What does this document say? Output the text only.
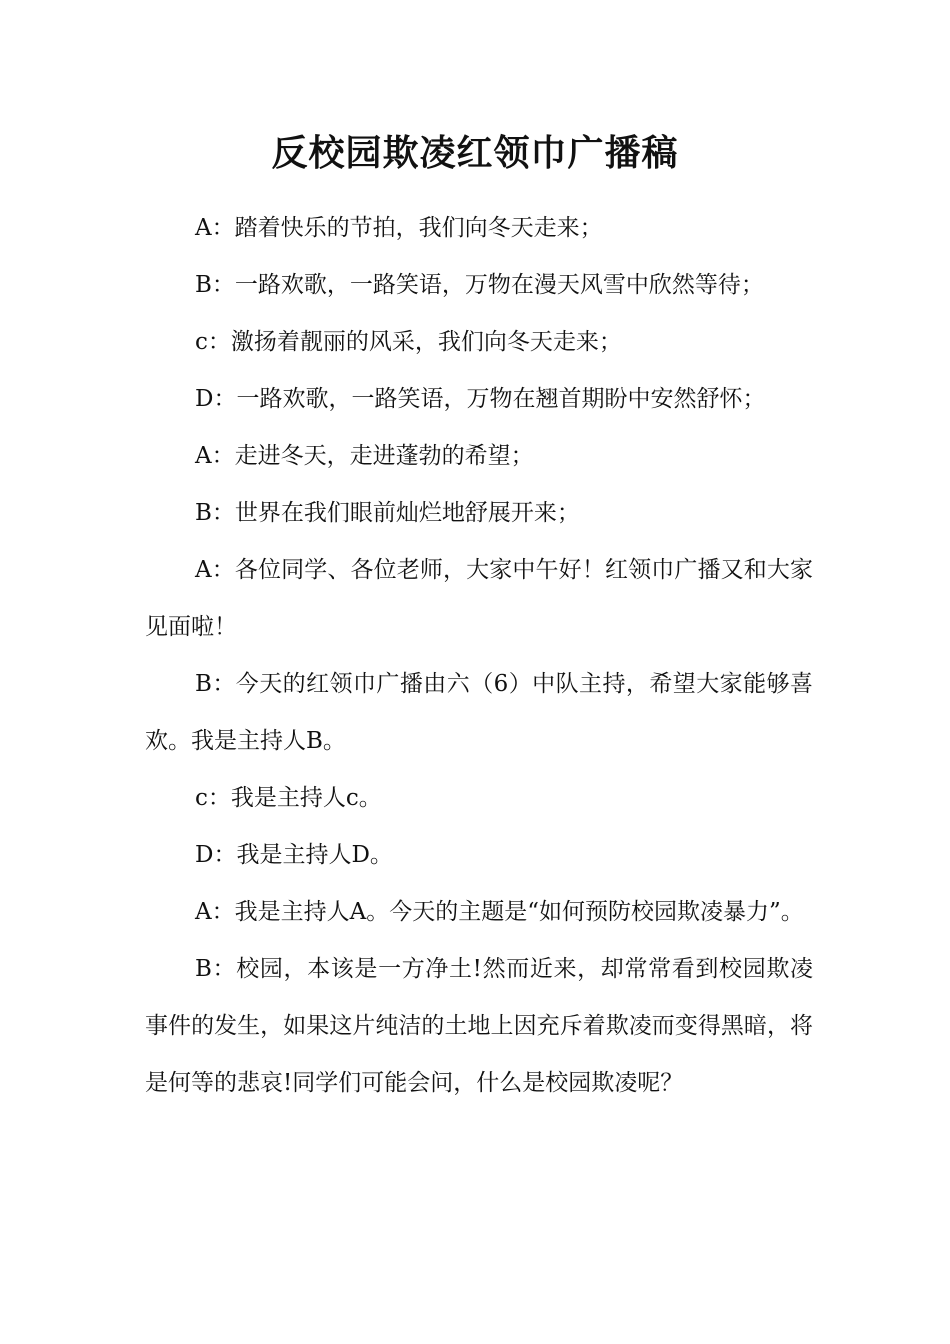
反校园欺凌红领巾广播稿

A：踏着快乐的节拍，我们向冬天走来；

B：一路欢歌，一路笑语，万物在漫天风雪中欣然等待；

c：激扬着靓丽的风采，我们向冬天走来；

D：一路欢歌，一路笑语，万物在翘首期盼中安然舒怀；

A：走进冬天，走进蓬勃的希望；

B：世界在我们眼前灿烂地舒展开来；

A：各位同学、各位老师，大家中午好！红领巾广播又和大家见面啦！

B：今天的红领巾广播由六（6）中队主持，希望大家能够喜欢。我是主持人B。

c：我是主持人c。

D：我是主持人D。

A：我是主持人A。今天的主题是“如何预防校园欺凌暴力”。

B：校园，本该是一方净土!然而近来，却常常看到校园欺凌事件的发生，如果这片纯洁的土地上因充斥着欺凌而变得黑暗，将是何等的悲哀!同学们可能会问，什么是校园欺凌呢？
